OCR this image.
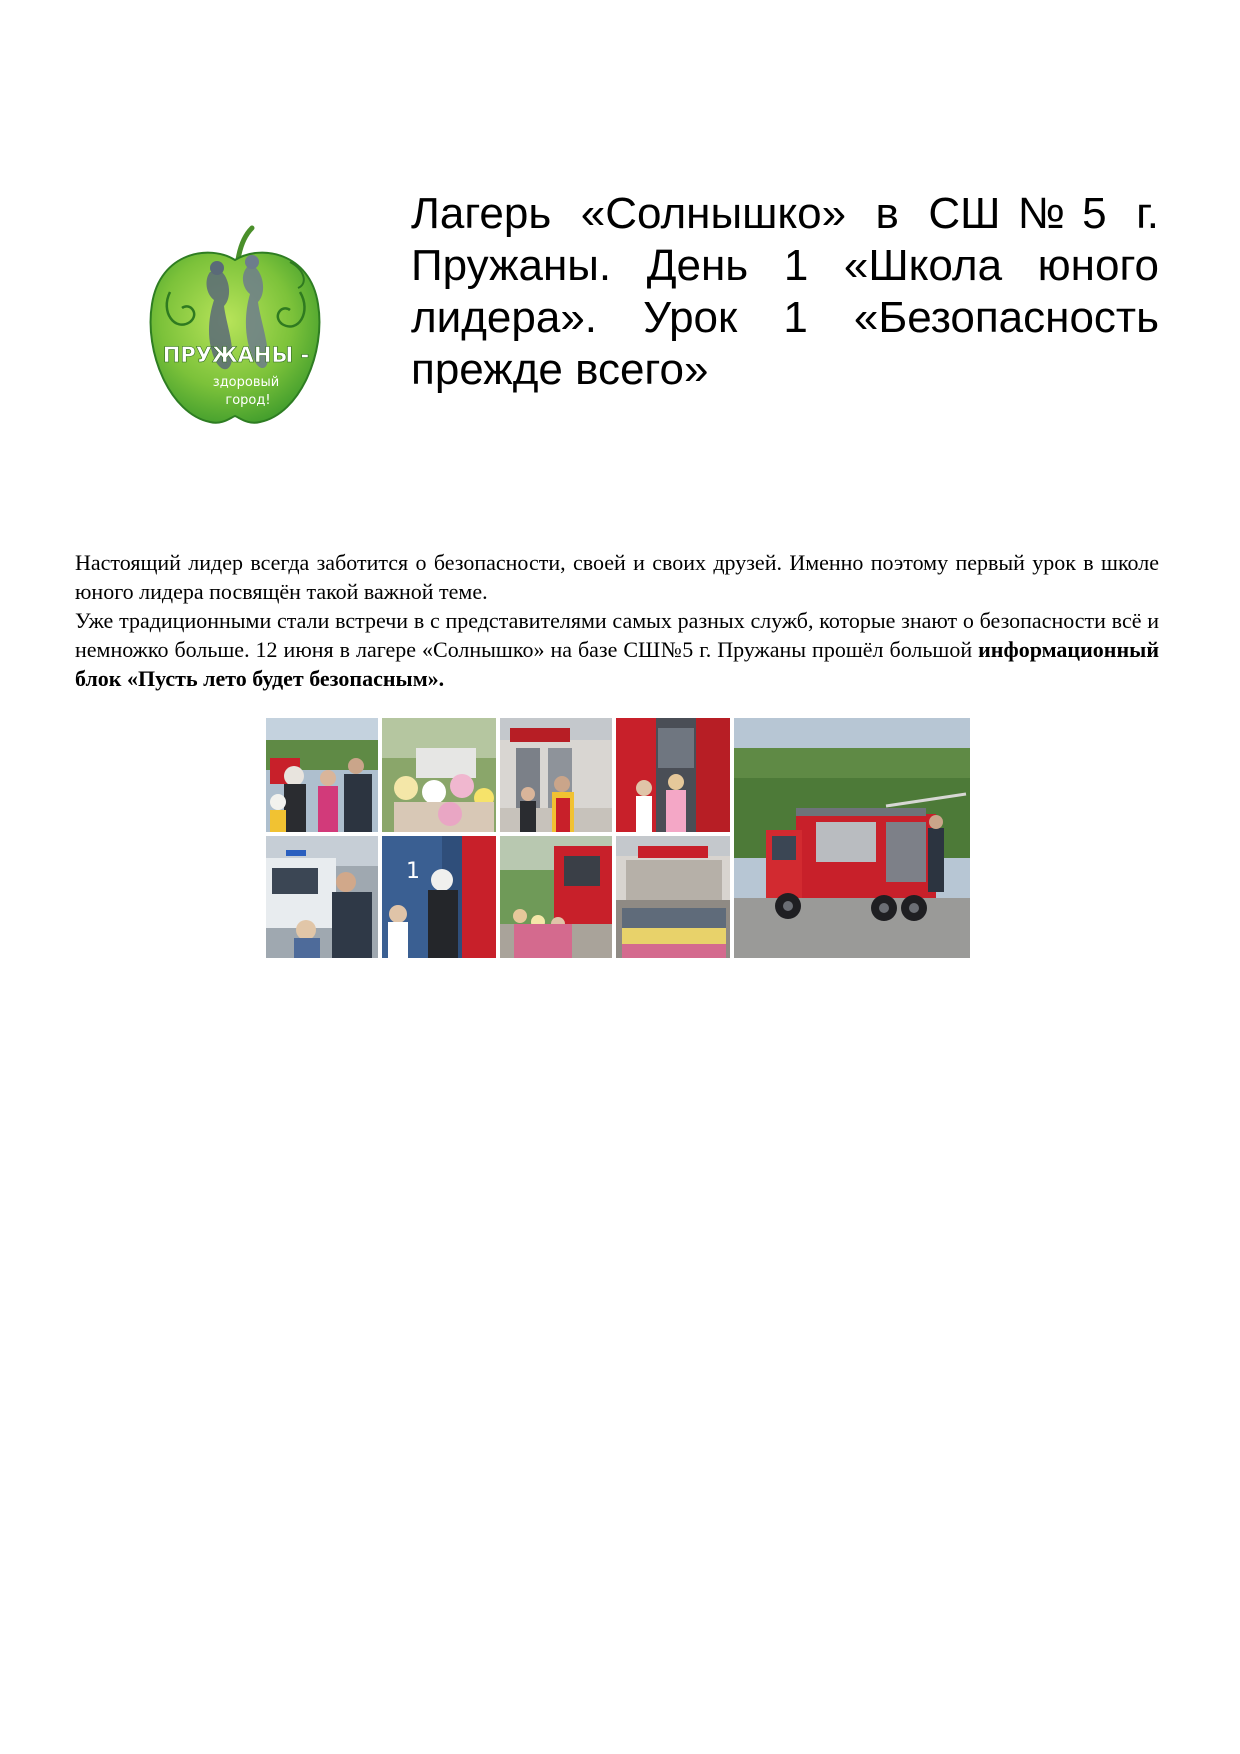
ПРУЖАНЫ -
здоровый
город!
Лагерь «Солнышко» в СШ№5 г. Пружаны. День 1 «Школа юного лидера». Урок 1 «Безопасность прежде всего»

Настоящий лидер всегда заботится о безопасности, своей и своих друзей. Именно поэтому первый урок в школе юного лидера посвящён такой важной теме.

Уже традиционными стали встречи в с представителями самых разных служб, которые знают о безопасности всё и немножко больше. 12 июня в лагере «Солнышко» на базе СШ№5 г. Пружаны прошёл большой информационный блок «Пусть лето будет безопасным».

1
